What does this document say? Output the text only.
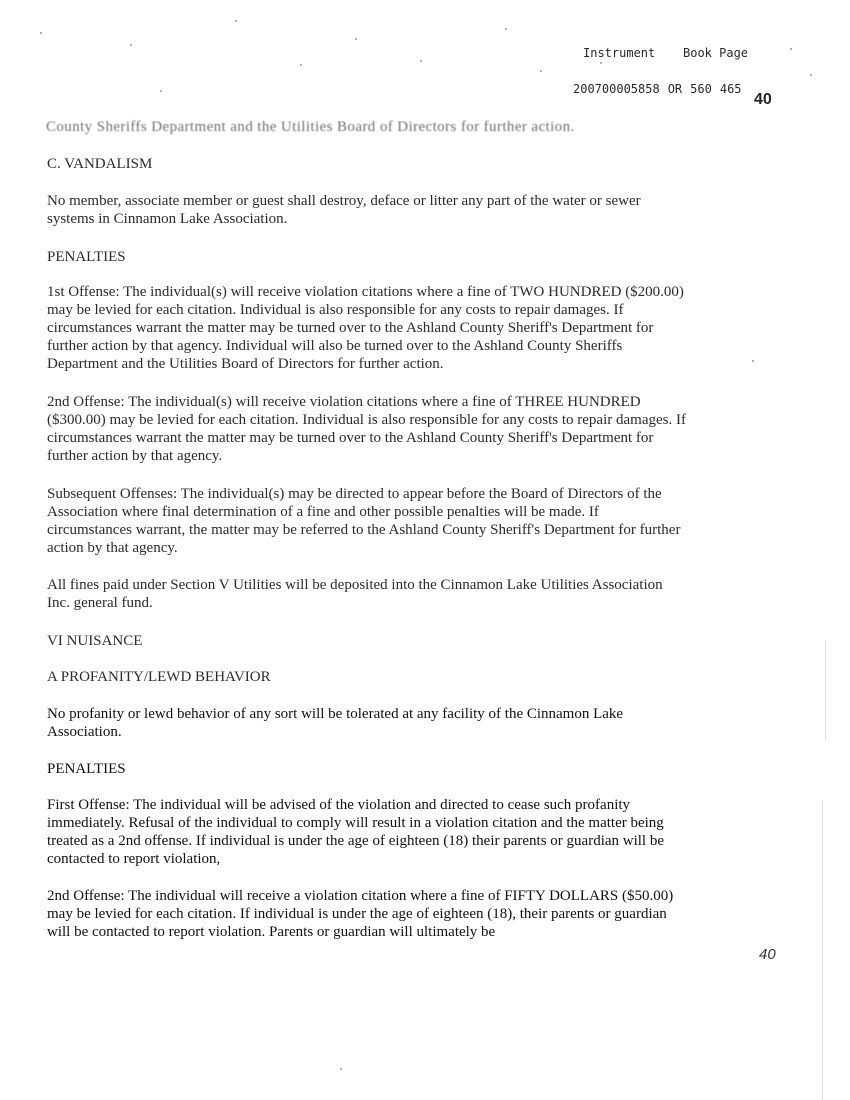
Instrument	Book Page

200700005858 OR 560 465

40
County Sheriffs Department and the Utilities Board of Directors for further action.
C. VANDALISM
No member, associate member or guest shall destroy, deface or litter any part of the water or sewer systems in Cinnamon Lake Association.
PENALTIES
1st Offense: The individual(s) will receive violation citations where a fine of TWO HUNDRED ($200.00) may be levied for each citation. Individual is also responsible for any costs to repair damages. If circumstances warrant the matter may be turned over to the Ashland County Sheriff's Department for further action by that agency. Individual will also be turned over to the Ashland County Sheriffs Department and the Utilities Board of Directors for further action.
2nd Offense: The individual(s) will receive violation citations where a fine of THREE HUNDRED ($300.00) may be levied for each citation. Individual is also responsible for any costs to repair damages. If circumstances warrant the matter may be turned over to the Ashland County Sheriff's Department for further action by that agency.
Subsequent Offenses: The individual(s) may be directed to appear before the Board of Directors of the Association where final determination of a fine and other possible penalties will be made. If circumstances warrant, the matter may be referred to the Ashland County Sheriff's Department for further action by that agency.
All fines paid under Section V Utilities will be deposited into the Cinnamon Lake Utilities Association Inc. general fund.
VI NUISANCE
A PROFANITY/LEWD BEHAVIOR
No profanity or lewd behavior of any sort will be tolerated at any facility of the Cinnamon Lake Association.
PENALTIES
First Offense: The individual will be advised of the violation and directed to cease such profanity immediately. Refusal of the individual to comply will result in a violation citation and the matter being treated as a 2nd offense. If individual is under the age of eighteen (18) their parents or guardian will be contacted to report violation,
2nd Offense: The individual will receive a violation citation where a fine of FIFTY DOLLARS ($50.00) may be levied for each citation. If individual is under the age of eighteen (18), their parents or guardian will be contacted to report violation. Parents or guardian will ultimately be
40
